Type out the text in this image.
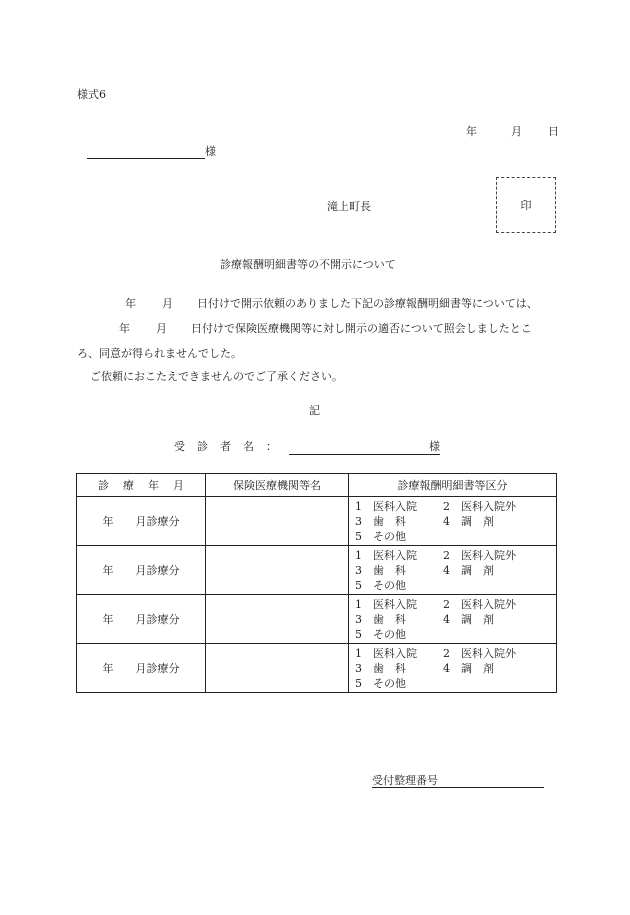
様式6
年	月 日
様
滝上町長	印
診療報酬明細書等の不開示について
年 月 日付けで開示依頼のありました下記の診療報酬明細書等については、年 月 日付けで保険医療機関等に対し開示の適否について照会しましたところ、同意が得られませんでした。
ご依頼におこたえできませんのでご了承ください。
記
受 診 者 名 ：	様
診 療 年 月	保険医療機関等名	診療報酬明細書等区分
年 月診療分		1　医科入院 2　医科入院外
3　歯　科 4　調　剤
5　その他

年 月診療分		1　医科入院 2　医科入院外
3　歯　科 4　調　剤
5　その他

年 月診療分		1　医科入院 2　医科入院外
3　歯　科 4　調　剤
5　その他

年 月診療分		1　医科入院 2　医科入院外
3　歯　科 4　調　剤
5　その他
受付整理番号
